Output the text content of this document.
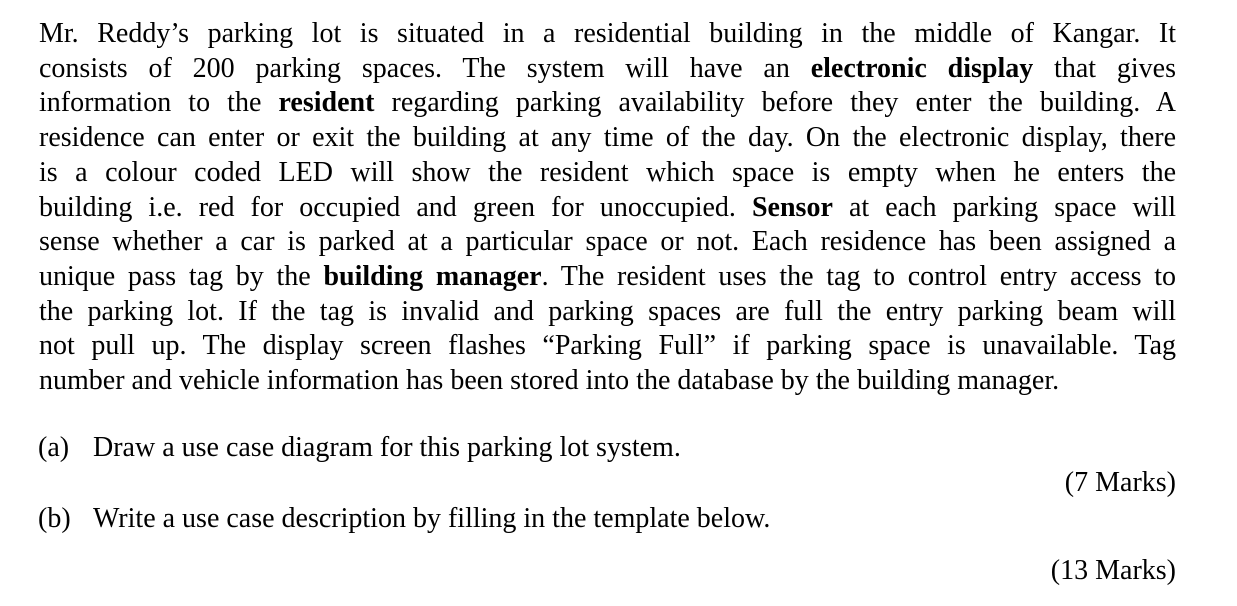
Mr. Reddy’s parking lot is situated in a residential building in the middle of Kangar. It
consists of 200 parking spaces. The system will have an electronic display that gives
information to the resident regarding parking availability before they enter the building. A
residence can enter or exit the building at any time of the day. On the electronic display, there
is a colour coded LED will show the resident which space is empty when he enters the
building i.e. red for occupied and green for unoccupied. Sensor at each parking space will
sense whether a car is parked at a particular space or not. Each residence has been assigned a
unique pass tag by the building manager. The resident uses the tag to control entry access to
the parking lot. If the tag is invalid and parking spaces are full the entry parking beam will
not pull up. The display screen flashes “Parking Full” if parking space is unavailable. Tag
number and vehicle information has been stored into the database by the building manager.
(a) Draw a use case diagram for this parking lot system.
(7 Marks)
(b) Write a use case description by filling in the template below.
(13 Marks)
